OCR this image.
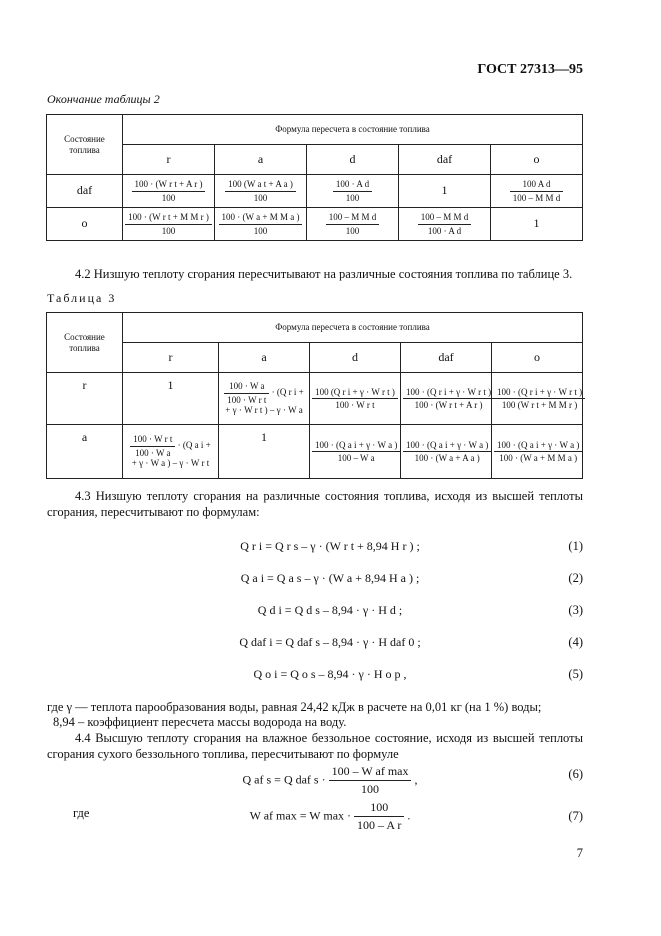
ГОСТ 27313—95
Окончание таблицы 2
Состояние топлива	Формула пересчета в состояние топлива				
	r	a	d	daf	o
daf	$\frac{\text{100 · (W r t + A r )}}{100}$	$\frac{\text{100 (W a t + A a )}}{100}$	$\frac{\text{100 · A d}}{100}$	1	$\frac{\text{100 A d}}{\text{100 – M M d}}$

o	$\frac{\text{100 · (W r t + M M r )}}{100}$	$\frac{\text{100 · (W a + M M a )}}{100}$	$\frac{\text{100 – M M d}}{100}$	$\frac{\text{100 – M M d}}{\text{100 · A d}}$	1
4.2 Низшую теплоту сгорания пересчитывают на различные состояния топлива по таблице 3.
Таблица 3
Состояние топлива	Формула пересчета в состояние топлива				
	r	a	d	daf	o
r	1	$\frac{\text{100 · W a}}{\text{100 · W r t}} \cdot (Q$ r i +
+ γ · W r t ) – γ · W a	$\frac{\text{100 (Q r i + γ · W r t )}}{\text{100 · W r t}}$	$\frac{\text{100 · (Q r i + γ · W r t )}}{\text{100 · (W r t + A r )}}$	$\frac{\text{100 · (Q r i + γ · W r t )}}{\text{100 (W r t + M M r )}}$

a	$\frac{\text{100 · W r t}}{\text{100 · W a}} \cdot (Q$ a i +
+ γ · W a ) – γ · W r t	1	$\frac{\text{100 · (Q a i + γ · W a )}}{\text{100 – W a}}$	$\frac{\text{100 · (Q a i + γ · W a )}}{\text{100 · (W a + A a )}}$	$\frac{\text{100 · (Q a i + γ · W a )}}{\text{100 · (W a + M M a )}}$
4.3 Низшую теплоту сгорания на различные состояния топлива, исходя из высшей теплоты сгорания, пересчитывают по формулам:
Q r i = Q r s – γ · (W r t + 8,94 H r ) ;	(1)
Q a i = Q a s – γ · (W a + 8,94 H a ) ;	(2)
Q d i = Q d s – 8,94 · γ · H d ;	(3)
Q daf i = Q daf s – 8,94 · γ · H daf 0 ;	(4)
Q o i = Q o s – 8,94 · γ · H o p ,	(5)
где γ — теплота парообразования воды, равная 24,42 кДж в расчете на 0,01 кг (на 1 %) воды;
8,94 – коэффициент пересчета массы водорода на воду.
4.4 Высшую теплоту сгорания на влажное беззольное состояние, исходя из высшей теплоты сгорания сухого беззольного топлива, пересчитывают по формуле
Q af s = Q daf $s \cdot \frac{\text{100 – W af max}}{100}$ ,	(6)
где	W af max = W $\max \cdot \frac{100}{\text{100 – A r}}$ .	(7)
7
